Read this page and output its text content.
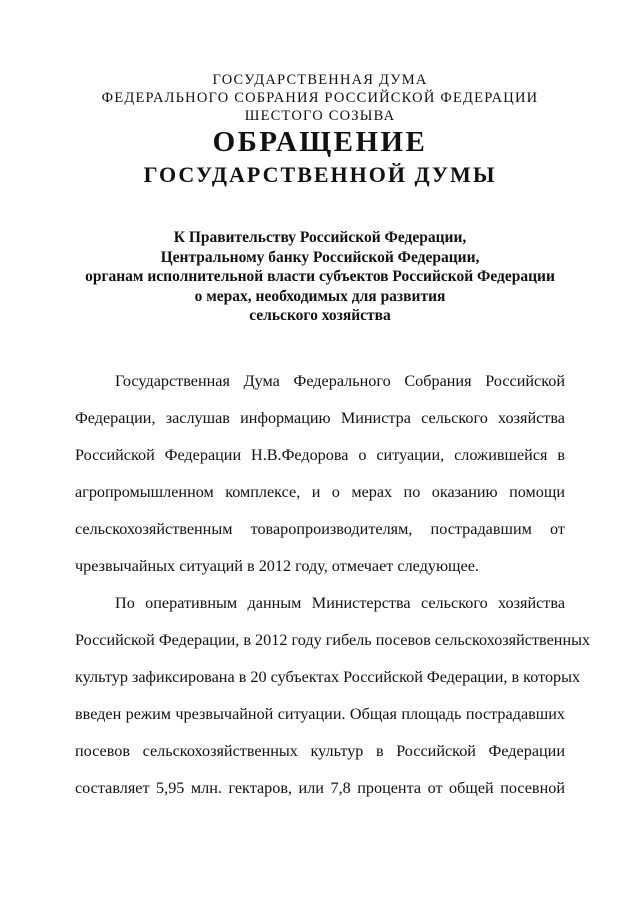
ГОСУДАРСТВЕННАЯ ДУМА

ФЕДЕРАЛЬНОГО СОБРАНИЯ РОССИЙСКОЙ ФЕДЕРАЦИИ

ШЕСТОГО СОЗЫВА

ОБРАЩЕНИЕ
ГОСУДАРСТВЕННОЙ ДУМЫ

К Правительству Российской Федерации,

Центральному банку Российской Федерации,

органам исполнительной власти субъектов Российской Федерации

о мерах, необходимых для развития

сельского хозяйства

Государственная Дума Федерального Собрания Российской
Федерации, заслушав информацию Министра сельского хозяйства
Российской Федерации Н.В.Федорова о ситуации, сложившейся в
агропромышленном комплексе, и о мерах по оказанию помощи
сельскохозяйственным товаропроизводителям, пострадавшим от
чрезвычайных ситуаций в 2012 году, отмечает следующее.
По оперативным данным Министерства сельского хозяйства
Российской Федерации, в 2012 году гибель посевов сельскохозяйственных
культур зафиксирована в 20 субъектах Российской Федерации, в которых
введен режим чрезвычайной ситуации. Общая площадь пострадавших
посевов сельскохозяйственных культур в Российской Федерации
составляет 5,95 млн. гектаров, или 7,8 процента от общей посевной
